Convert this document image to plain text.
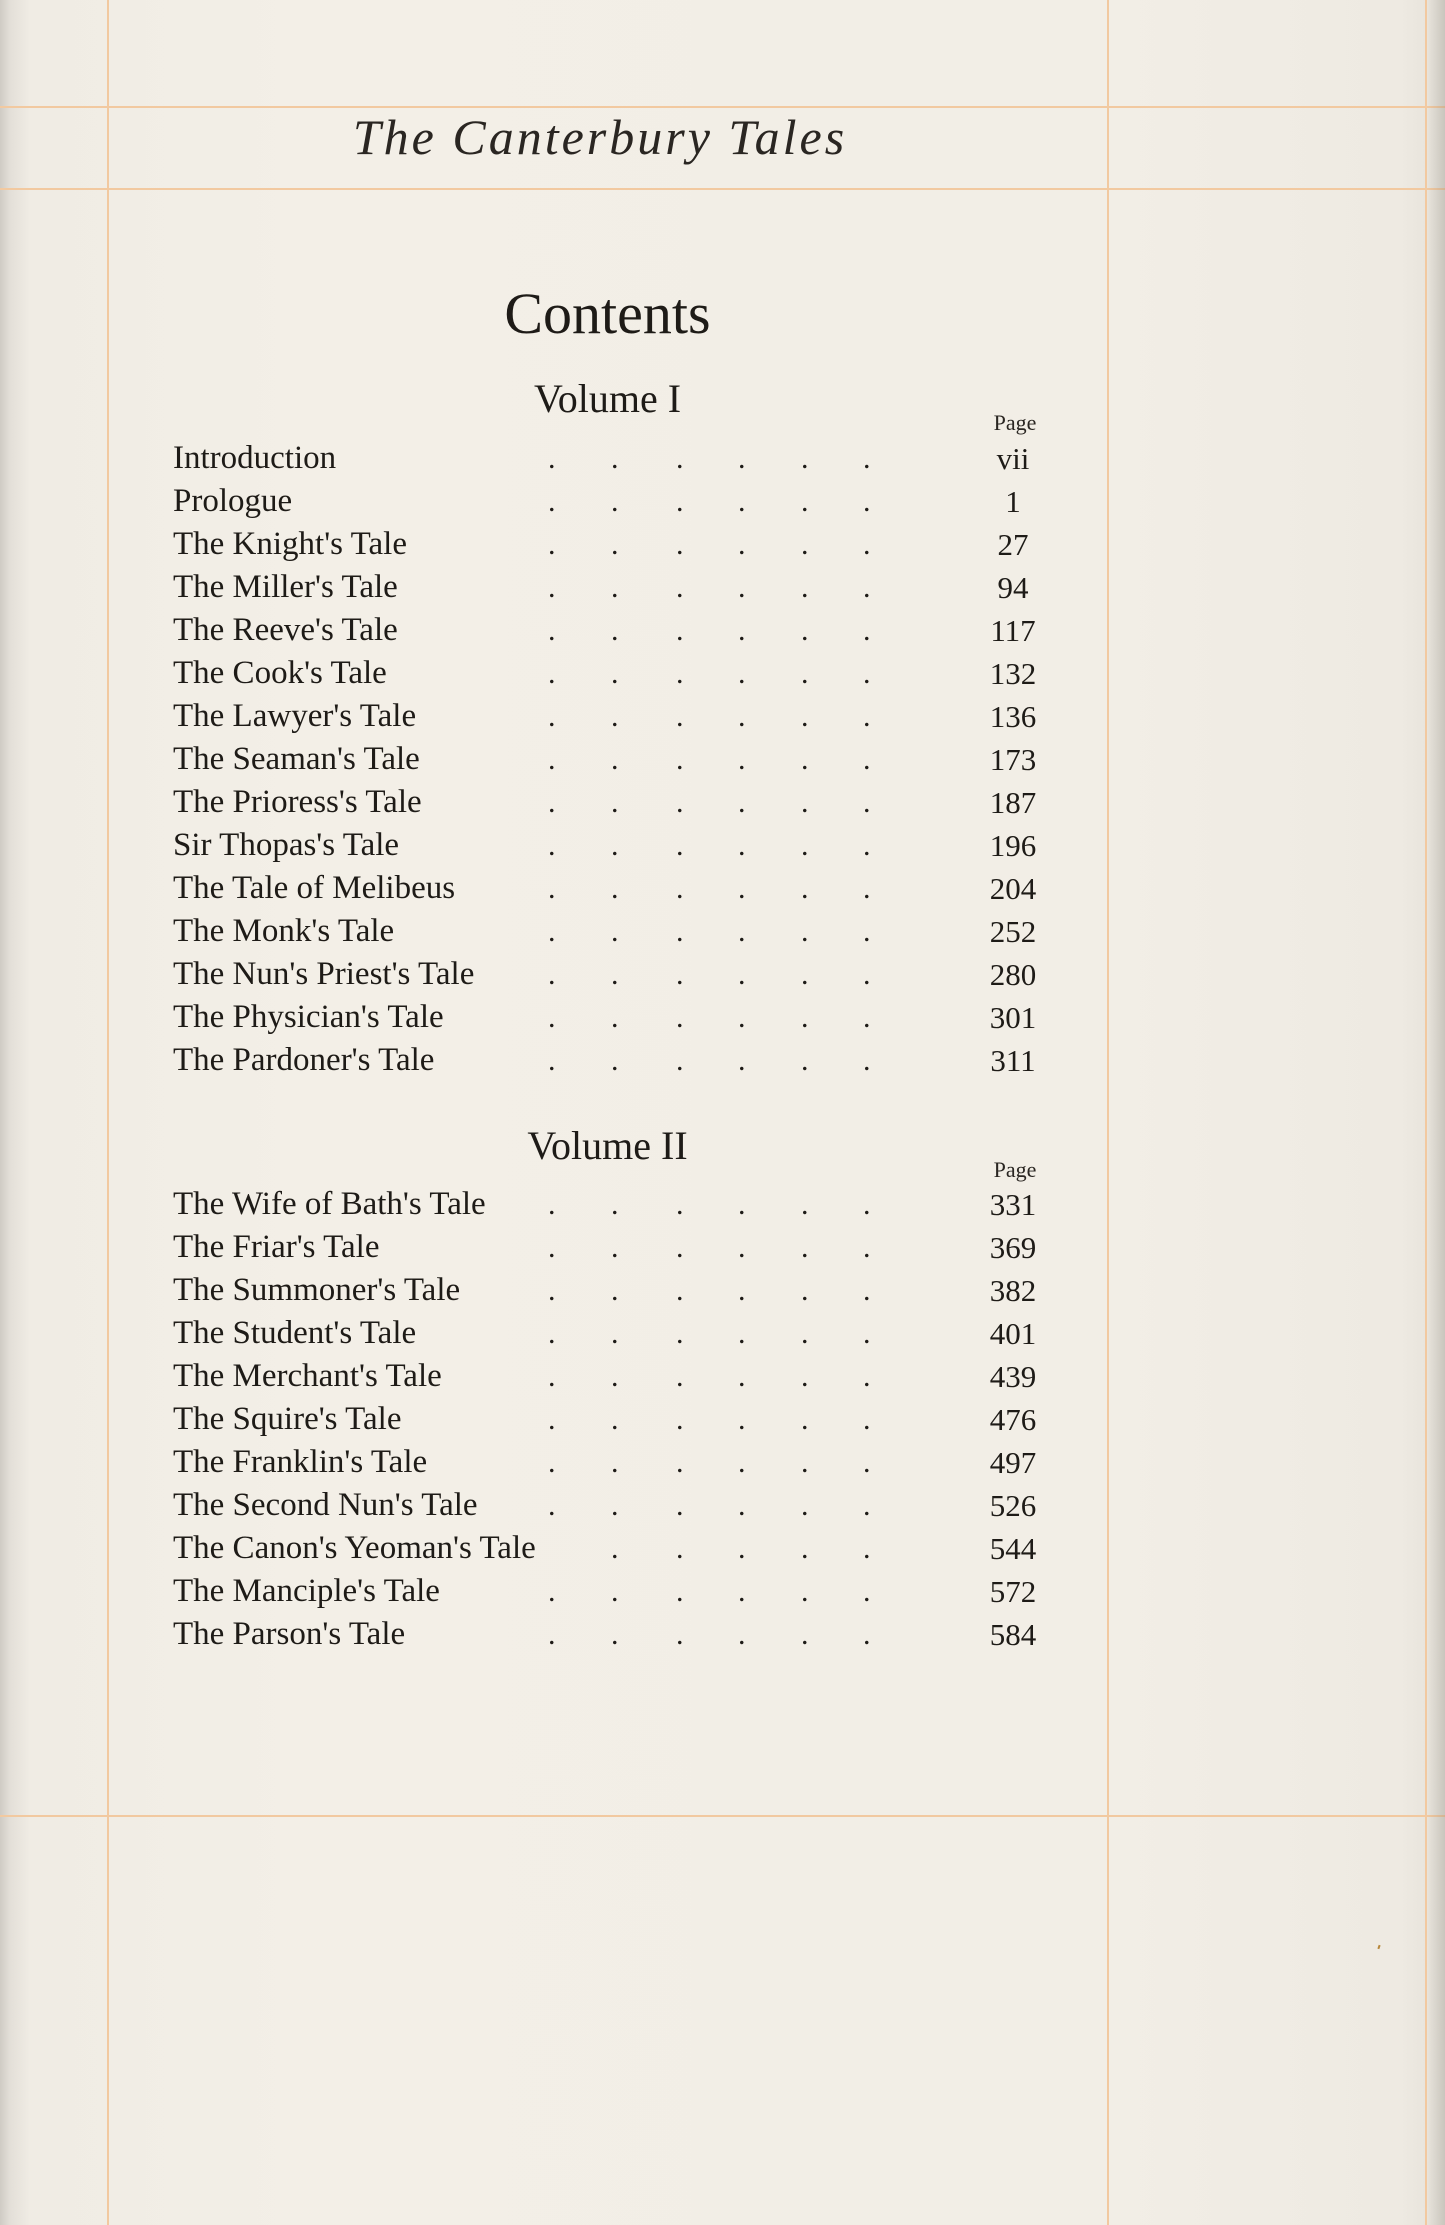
The Canterbury Tales
Contents
Volume I
Page
Introduction	. . . . . .	vii
Prologue	. . . . . .	1
The Knight's Tale	. . . . . .	27
The Miller's Tale	. . . . . .	94
The Reeve's Tale	. . . . . .	117
The Cook's Tale	. . . . . .	132
The Lawyer's Tale	. . . . . .	136
The Seaman's Tale	. . . . . .	173
The Prioress's Tale	. . . . . .	187
Sir Thopas's Tale	. . . . . .	196
The Tale of Melibeus	. . . . . .	204
The Monk's Tale	. . . . . .	252
The Nun's Priest's Tale . . . . . .	280
The Physician's Tale	. . . . . .	301
The Pardoner's Tale	. . . . . .	311
Volume II
Page
The Wife of Bath's Tale . . . . . .	331
The Friar's Tale	. . . . . .	369
The Summoner's Tale	. . . . . .	382
The Student's Tale	. . . . . .	401
The Merchant's Tale	. . . . . .	439
The Squire's Tale	. . . . . .	476
The Franklin's Tale	. . . . . .	497
The Second Nun's Tale . . . . . .	526
The Canon's Yeoman's Tale	. . . . .	544
The Manciple's Tale	. . . . . .	572
The Parson's Tale	. . . . . .	584
